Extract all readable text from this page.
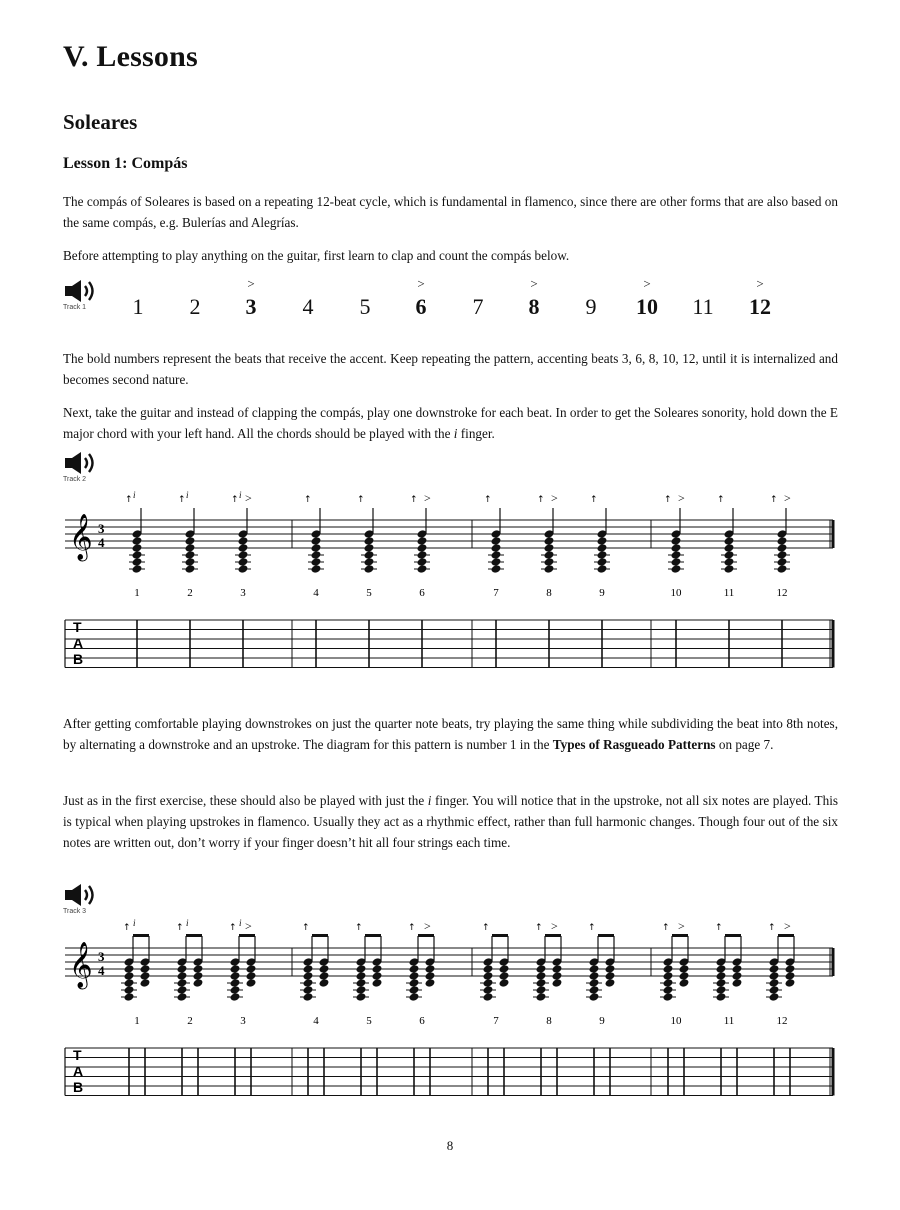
V. Lessons
Soleares
Lesson 1: Compás

The compás of Soleares is based on a repeating 12-beat cycle, which is fundamental in flamenco, since there are other forms that are also based on the same compás, e.g. Bulerías and Alegrías.

Before attempting to play anything on the guitar, first learn to clap and count the compás below.

Track 1 1 2 3
>
4 5 6
>
7 8
>
9 10
>
11 12
>

The bold numbers represent the beats that receive the accent. Keep repeating the pattern, accenting beats 3, 6, 8, 10, 12, until it is internalized and becomes second nature.

Next, take the guitar and instead of clapping the compás, play one downstroke for each beat. In order to get the Soleares sonority, hold down the E major chord with your left hand. All the chords should be played with the i finger.

Track 2
𝄞 3
4
↑ i
1
↑ i
2
↑ i >
3
↑
4
↑
5
↑ >
6
↑
7
↑ >
8
↑
9
↑ >
10
↑
11
↑ >
12
T
A
B

After getting comfortable playing downstrokes on just the quarter note beats, try playing the same thing while subdividing the beat into 8th notes, by alternating a downstroke and an upstroke. The diagram for this pattern is number 1 in the Types of Rasgueado Patterns on page 7.

Just as in the first exercise, these should also be played with just the i finger. You will notice that in the upstroke, not all six notes are played. This is typical when playing upstrokes in flamenco. Usually they act as a rhythmic effect, rather than full harmonic changes. Though four out of the six notes are written out, don’t worry if your finger doesn’t hit all four strings each time.

Track 3
𝄞 3
4
↑ i
1
↑ i
2
↑ i >
3
↑
4
↑
5
↑ >
6
↑
7
↑ >
8
↑
9
↑ >
10
↑
11
↑ >
12
T
A
B
8
